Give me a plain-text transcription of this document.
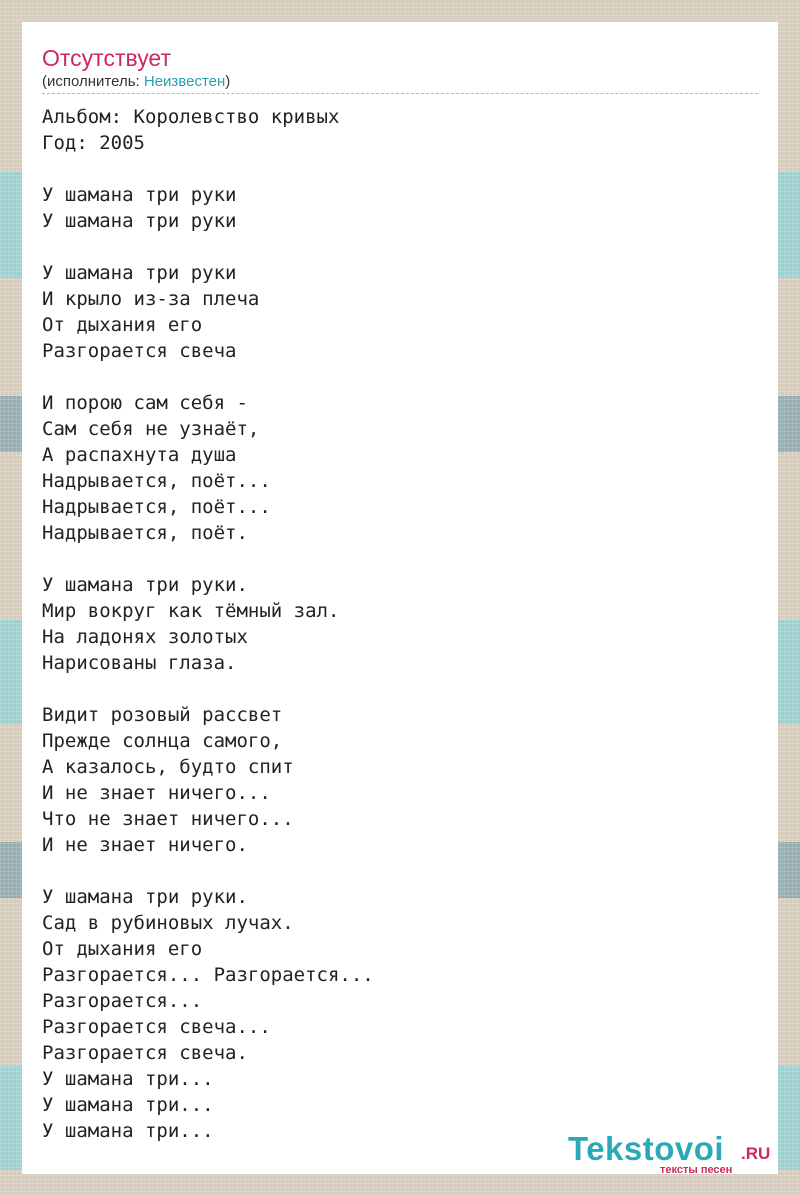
Отсутствует
(исполнитель: Неизвестен)
Альбом: Королевство кривых
Год: 2005

У шамана три руки
У шамана три руки

У шамана три руки
И крыло из-за плеча
От дыхания его
Разгорается свеча

И порою сам себя -
Сам себя не узнаёт,
А распахнута душа
Надрывается, поёт...
Надрывается, поёт...
Надрывается, поёт.

У шамана три руки.
Мир вокруг как тёмный зал.
На ладонях золотых
Нарисованы глаза.

Видит розовый рассвет
Прежде солнца самого,
А казалось, будто спит
И не знает ничего...
Что не знает ничего...
И не знает ничего.

У шамана три руки.
Сад в рубиновых лучах.
От дыхания его
Разгорается... Разгорается...
Разгорается...
Разгорается свеча...
Разгорается свеча.
У шамана три...
У шамана три...
У шамана три...	Tekstovoi .RU
тексты песен
